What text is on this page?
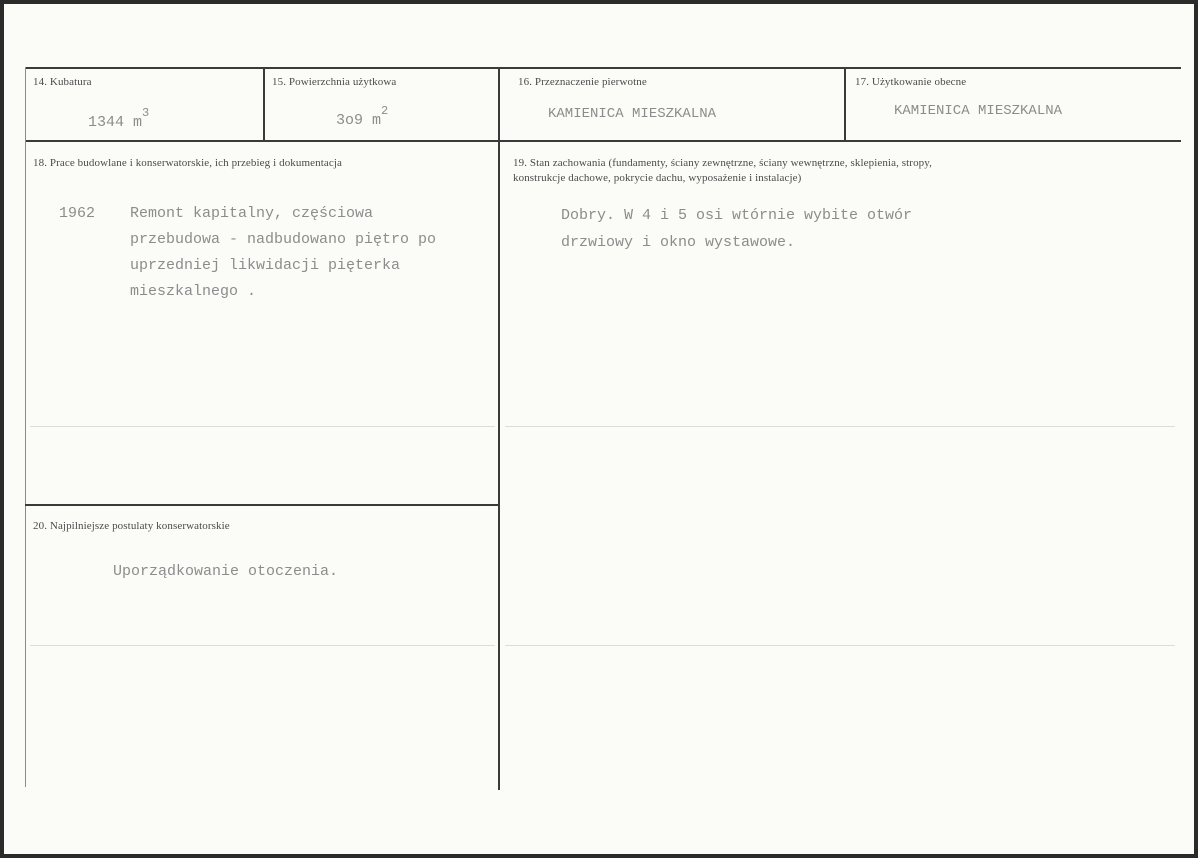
14. Kubatura
1344 $m^3$
15. Powierzchnia użytkowa
3o9 $m^2$
16. Przeznaczenie pierwotne
KAMIENICA MIESZKALNA
17. Użytkowanie obecne
KAMIENICA MIESZKALNA
18. Prace budowlane i konserwatorskie, ich przebieg i dokumentacja
1962 Remont kapitalny, częściowa
przebudowa - nadbudowano piętro po
uprzedniej likwidacji pięterka
mieszkalnego .
19. Stan zachowania (fundamenty, ściany zewnętrzne, ściany wewnętrzne, sklepienia, stropy,
konstrukcje dachowe, pokrycie dachu, wyposażenie i instalacje)
Dobry. W 4 i 5 osi wtórnie wybite otwór
drzwiowy i okno wystawowe.
20. Najpilniejsze postulaty konserwatorskie
Uporządkowanie otoczenia.
